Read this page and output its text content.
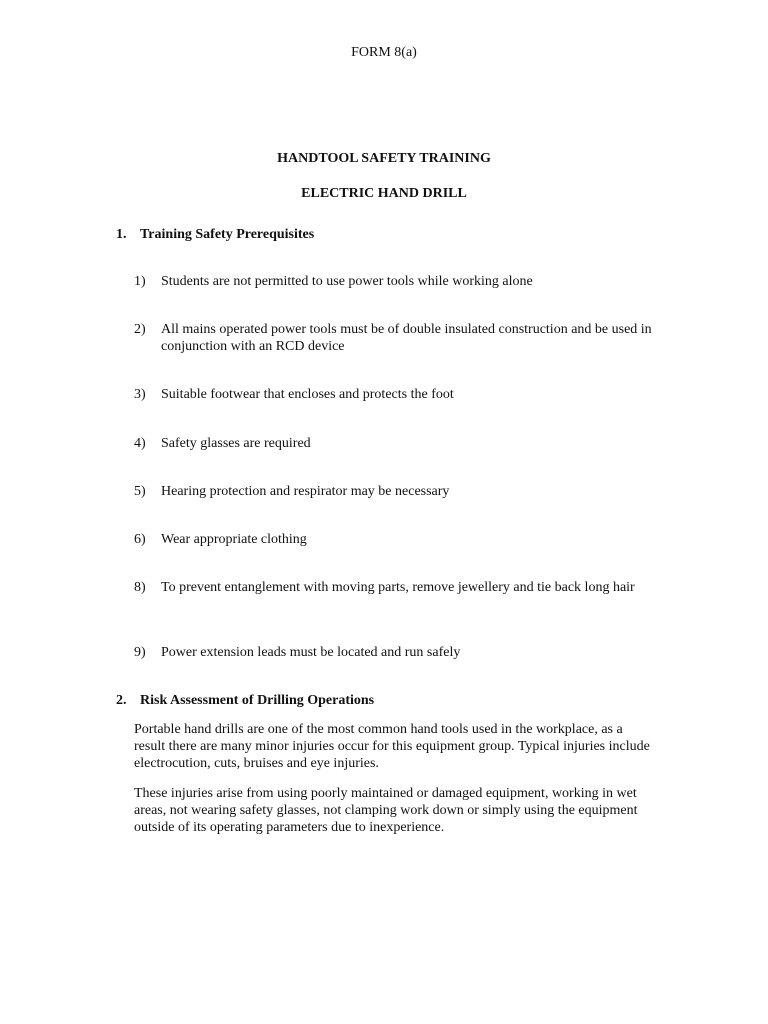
FORM 8(a)
HANDTOOL SAFETY TRAINING
ELECTRIC HAND DRILL
1. Training Safety Prerequisites
1)	Students are not permitted to use power tools while working alone
2)	All mains operated power tools must be of double insulated construction and be used in conjunction with an RCD device
3)	Suitable footwear that encloses and protects the foot
4)	Safety glasses are required
5)	Hearing protection and respirator may be necessary
6)	Wear appropriate clothing
8)	To prevent entanglement with moving parts, remove jewellery and tie back long hair
9)	Power extension leads must be located and run safely
2. Risk Assessment of Drilling Operations
Portable hand drills are one of the most common hand tools used in the workplace, as a result there are many minor injuries occur for this equipment group. Typical injuries include electrocution, cuts, bruises and eye injuries.
These injuries arise from using poorly maintained or damaged equipment, working in wet areas, not wearing safety glasses, not clamping work down or simply using the equipment outside of its operating parameters due to inexperience.
